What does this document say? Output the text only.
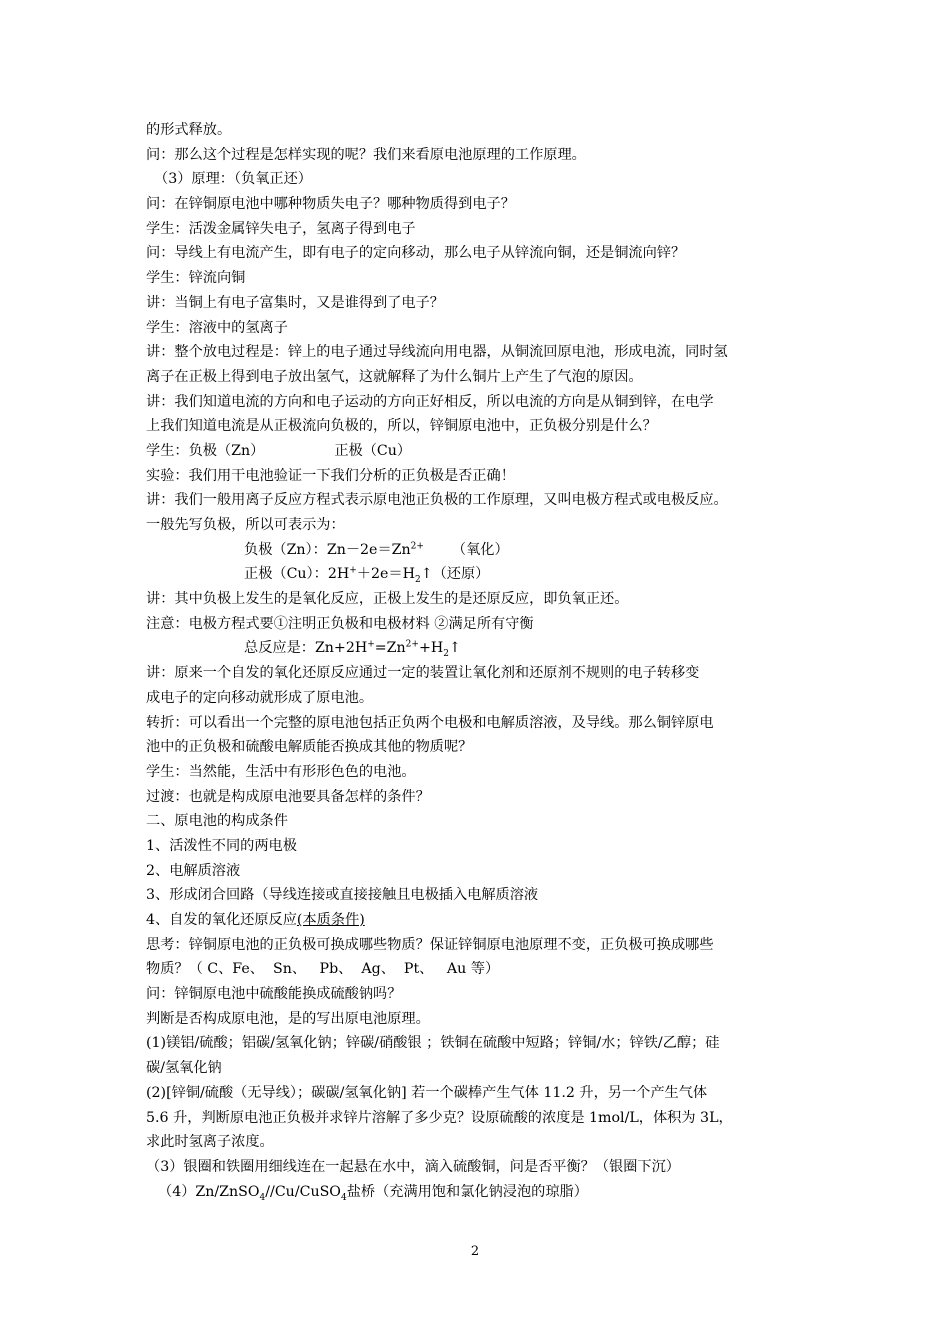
的形式释放。
问：那么这个过程是怎样实现的呢？我们来看原电池原理的工作原理。
（3）原理：（负氧正还）
问：在锌铜原电池中哪种物质失电子？哪种物质得到电子？
学生：活泼金属锌失电子，氢离子得到电子
问：导线上有电流产生，即有电子的定向移动，那么电子从锌流向铜，还是铜流向锌？
学生：锌流向铜
讲：当铜上有电子富集时，又是谁得到了电子？
学生：溶液中的氢离子
讲：整个放电过程是：锌上的电子通过导线流向用电器，从铜流回原电池，形成电流，同时氢
离子在正极上得到电子放出氢气，这就解释了为什么铜片上产生了气泡的原因。
讲：我们知道电流的方向和电子运动的方向正好相反，所以电流的方向是从铜到锌，在电学
上我们知道电流是从正极流向负极的，所以，锌铜原电池中，正负极分别是什么？
学生：负极（Zn）	正极（Cu）
实验：我们用干电池验证一下我们分析的正负极是否正确！
讲：我们一般用离子反应方程式表示原电池正负极的工作原理，又叫电极方程式或电极反应。
一般先写负极，所以可表示为：
负极（Zn）：$Zn-2e=Zn^{2+}$ （氧化）
正极（Cu）：$2H^++2e=H_2↑$（还原）
讲：其中负极上发生的是氧化反应，正极上发生的是还原反应，即负氧正还。
注意：电极方程式要①注明正负极和电极材料 ②满足所有守衡
总反应是：$Zn+2H^+=Zn^{2+}+H_2↑$
讲：原来一个自发的氧化还原反应通过一定的装置让氧化剂和还原剂不规则的电子转移变
成电子的定向移动就形成了原电池。
转折：可以看出一个完整的原电池包括正负两个电极和电解质溶液，及导线。那么铜锌原电
池中的正负极和硫酸电解质能否换成其他的物质呢？
学生：当然能，生活中有形形色色的电池。
过渡：也就是构成原电池要具备怎样的条件？
二、原电池的构成条件
1、活泼性不同的两电极
2、电解质溶液
3、形成闭合回路（导线连接或直接接触且电极插入电解质溶液
4、自发的氧化还原反应(本质条件)
思考：锌铜原电池的正负极可换成哪些物质？保证锌铜原电池原理不变，正负极可换成哪些
物质？（ C、Fe、  Sn、   Pb、  Ag、  Pt、   Au 等）
问：锌铜原电池中硫酸能换成硫酸钠吗？
判断是否构成原电池，是的写出原电池原理。
(1)镁铝/硫酸；铝碳/氢氧化钠；锌碳/硝酸银 ；铁铜在硫酸中短路；锌铜/水；锌铁/乙醇；硅
碳/氢氧化钠
(2)[锌铜/硫酸（无导线）；碳碳/氢氧化钠] 若一个碳棒产生气体 11.2 升，另一个产生气体
5.6 升，判断原电池正负极并求锌片溶解了多少克？设原硫酸的浓度是 1mol/L，体积为 3L，
求此时氢离子浓度。
（3）银圈和铁圈用细线连在一起悬在水中，滴入硫酸铜，问是否平衡？（银圈下沉）
（4）Zn/ZnSO$_4$//Cu/CuSO$_4$盐桥（充满用饱和氯化钠浸泡的琼脂）
2
